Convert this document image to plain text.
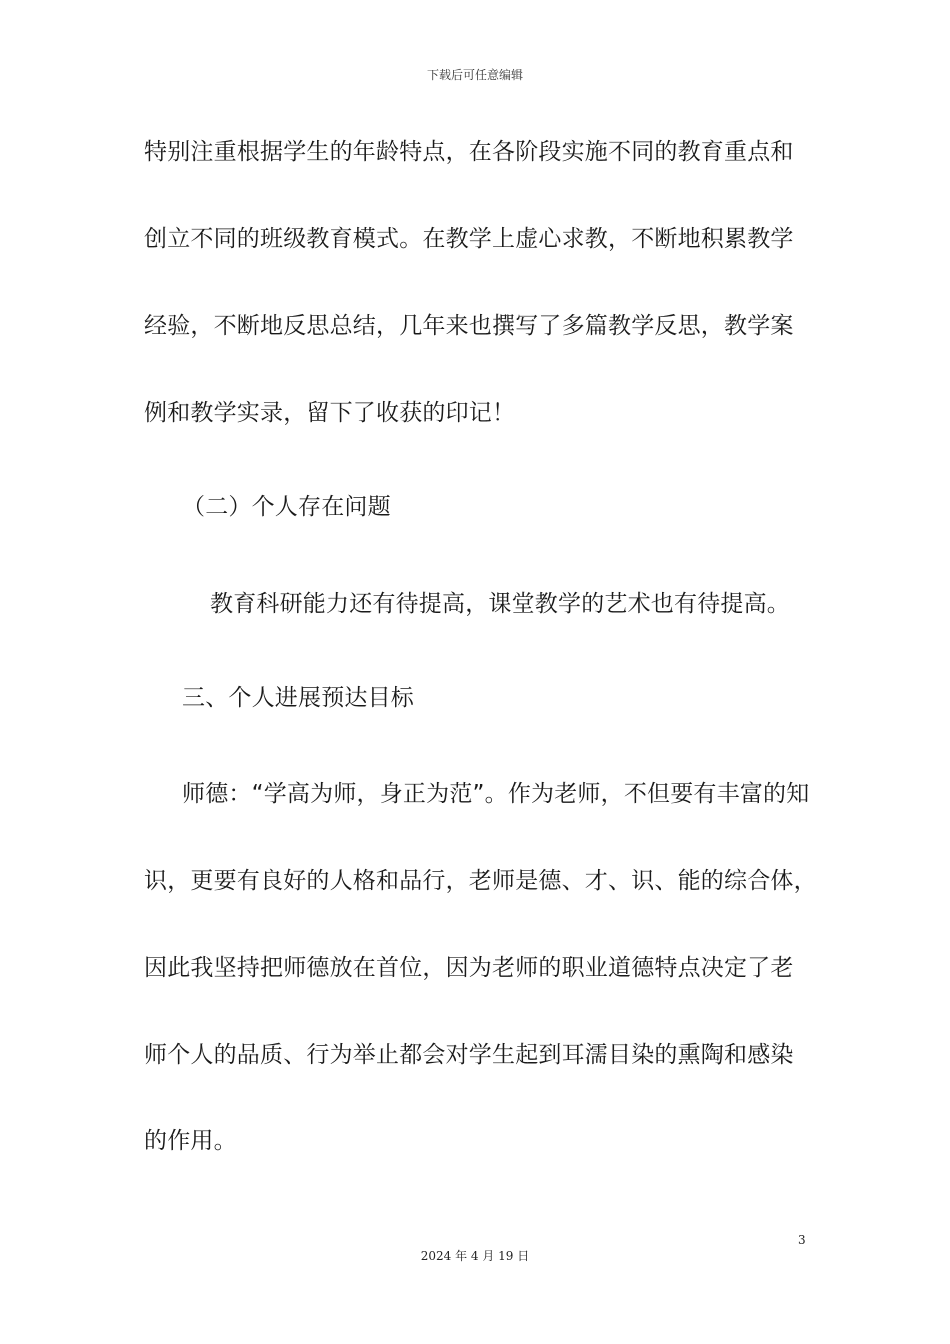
下载后可任意编辑
特别注重根据学生的年龄特点，在各阶段实施不同的教育重点和
创立不同的班级教育模式。在教学上虚心求教，不断地积累教学
经验，不断地反思总结，几年来也撰写了多篇教学反思，教学案
例和教学实录，留下了收获的印记！
（二）个人存在问题
教育科研能力还有待提高，课堂教学的艺术也有待提高。
三、个人进展预达目标
师德：“学高为师，身正为范”。作为老师，不但要有丰富的知
识，更要有良好的人格和品行，老师是德、才、识、能的综合体，
因此我坚持把师德放在首位，因为老师的职业道德特点决定了老
师个人的品质、行为举止都会对学生起到耳濡目染的熏陶和感染
的作用。
3
2024 年 4 月 19 日
